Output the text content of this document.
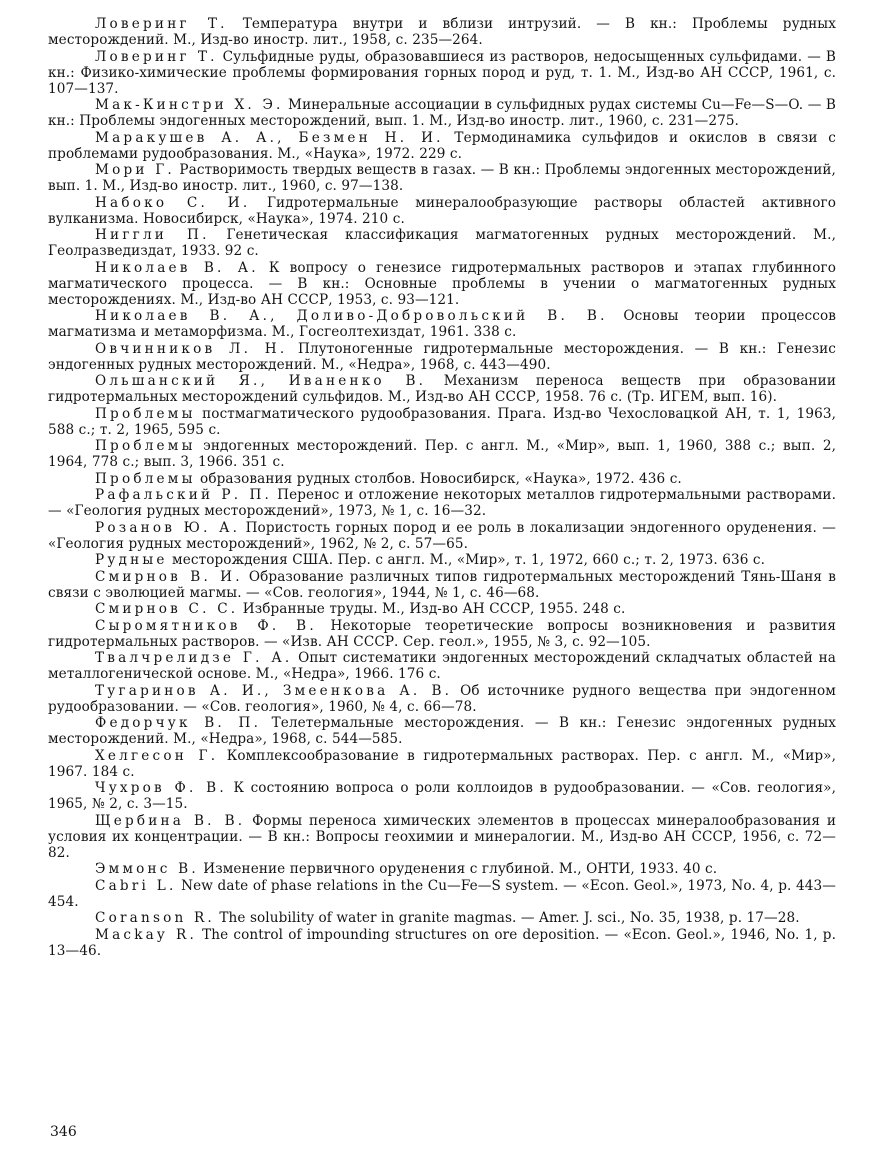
Ловеринг Т. Температура внутри и вблизи интрузий. — В кн.: Проблемы рудных месторождений. М., Изд-во иностр. лит., 1958, с. 235—264.

Ловеринг Т. Сульфидные руды, образовавшиеся из растворов, недосыщенных сульфидами. — В кн.: Физико-химические проблемы формирования горных пород и руд, т. 1. М., Изд-во АН СССР, 1961, с. 107—137.

Мак-Кинстри Х. Э. Минеральные ассоциации в сульфидных рудах системы Cu—Fe—S—O. — В кн.: Проблемы эндогенных месторождений, вып. 1. М., Изд-во иностр. лит., 1960, с. 231—275.

Маракушев А. А., Безмен Н. И. Термодинамика сульфидов и окислов в связи с проблемами рудообразования. М., «Наука», 1972. 229 с.

Мори Г. Растворимость твердых веществ в газах. — В кн.: Проблемы эндогенных месторождений, вып. 1. М., Изд-во иностр. лит., 1960, с. 97—138.

Набоко С. И. Гидротермальные минералообразующие растворы областей активного вулканизма. Новосибирск, «Наука», 1974. 210 с.

Ниггли П. Генетическая классификация магматогенных рудных месторождений. М., Геолразведиздат, 1933. 92 с.

Николаев В. А. К вопросу о генезисе гидротермальных растворов и этапах глубинного магматического процесса. — В кн.: Основные проблемы в учении о магматогенных рудных месторождениях. М., Изд-во АН СССР, 1953, с. 93—121.

Николаев В. А., Доливо-Добровольский В. В. Основы теории процессов магматизма и метаморфизма. М., Госгеолтехиздат, 1961. 338 с.

Овчинников Л. Н. Плутоногенные гидротермальные месторождения. — В кн.: Генезис эндогенных рудных месторождений. М., «Недра», 1968, с. 443—490.

Ольшанский Я., Иваненко В. Механизм переноса веществ при образовании гидротермальных месторождений сульфидов. М., Изд-во АН СССР, 1958. 76 с. (Тр. ИГЕМ, вып. 16).

Проблемы постмагматического рудообразования. Прага. Изд-во Чехословацкой АН, т. 1, 1963, 588 с.; т. 2, 1965, 595 с.

Проблемы эндогенных месторождений. Пер. с англ. М., «Мир», вып. 1, 1960, 388 с.; вып. 2, 1964, 778 с.; вып. 3, 1966. 351 с.

Проблемы образования рудных столбов. Новосибирск, «Наука», 1972. 436 с.

Рафальский Р. П. Перенос и отложение некоторых металлов гидротермальными растворами. — «Геология рудных месторождений», 1973, № 1, с. 16—32.

Розанов Ю. А. Пористость горных пород и ее роль в локализации эндогенного оруденения. — «Геология рудных месторождений», 1962, № 2, с. 57—65.

Рудные месторождения США. Пер. с англ. М., «Мир», т. 1, 1972, 660 с.; т. 2, 1973. 636 с.

Смирнов В. И. Образование различных типов гидротермальных месторождений Тянь-Шаня в связи с эволюцией магмы. — «Сов. геология», 1944, № 1, с. 46—68.

Смирнов С. С. Избранные труды. М., Изд-во АН СССР, 1955. 248 с.

Сыромятников Ф. В. Некоторые теоретические вопросы возникновения и развития гидротермальных растворов. — «Изв. АН СССР. Сер. геол.», 1955, № 3, с. 92—105.

Твалчрелидзе Г. А. Опыт систематики эндогенных месторождений складчатых областей на металлогенической основе. М., «Недра», 1966. 176 с.

Тугаринов А. И., Змеенкова А. В. Об источнике рудного вещества при эндогенном рудообразовании. — «Сов. геология», 1960, № 4, с. 66—78.

Федорчук В. П. Телетермальные месторождения. — В кн.: Генезис эндогенных рудных месторождений. М., «Недра», 1968, с. 544—585.

Хелгесон Г. Комплексообразование в гидротермальных растворах. Пер. с англ. М., «Мир», 1967. 184 с.

Чухров Ф. В. К состоянию вопроса о роли коллоидов в рудообразовании. — «Сов. геология», 1965, № 2, с. 3—15.

Щербина В. В. Формы переноса химических элементов в процессах минералообразования и условия их концентрации. — В кн.: Вопросы геохимии и минералогии. М., Изд-во АН СССР, 1956, с. 72—82.

Эммонс В. Изменение первичного оруденения с глубиной. М., ОНТИ, 1933. 40 с.

Cabri L. New date of phase relations in the Cu—Fe—S system. — «Econ. Geol.», 1973, No. 4, p. 443—454.

Coranson R. The solubility of water in granite magmas. — Amer. J. sci., No. 35, 1938, p. 17—28.

Mackay R. The control of impounding structures on ore deposition. — «Econ. Geol.», 1946, No. 1, p. 13—46.

346
